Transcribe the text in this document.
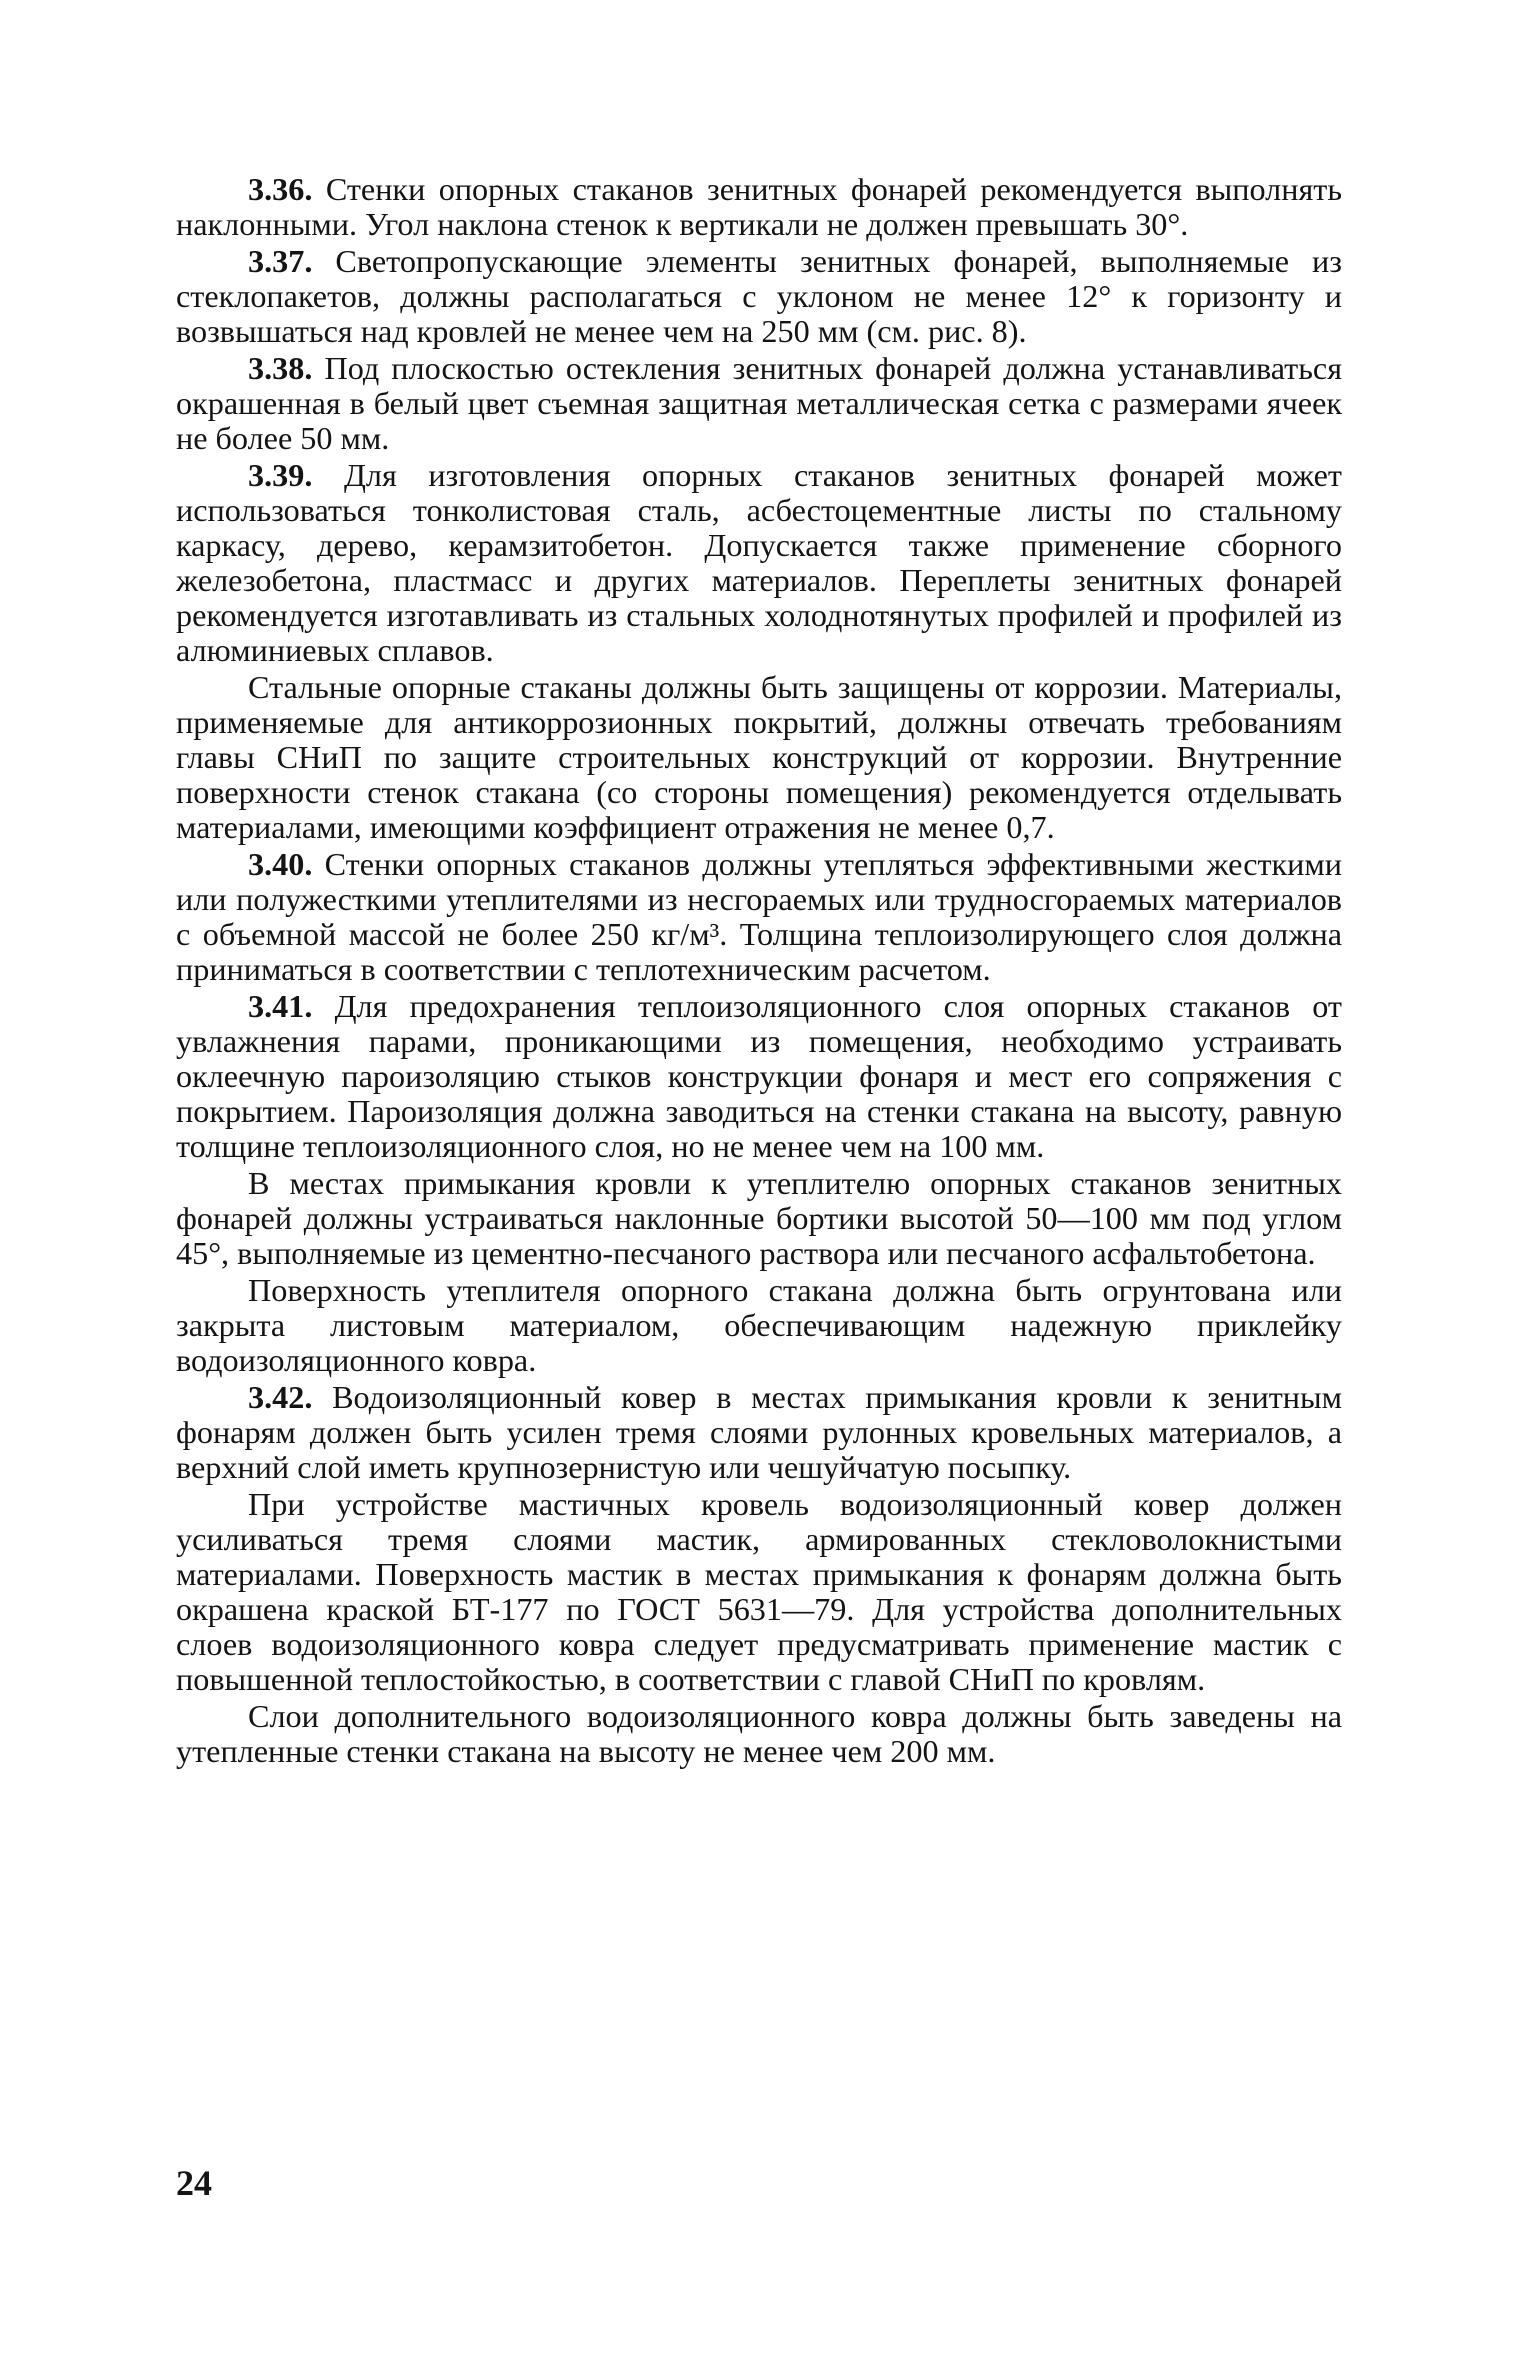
3.36. Стенки опорных стаканов зенитных фонарей рекомендуется выполнять наклонными. Угол наклона стенок к вертикали не должен превышать 30°.

3.37. Светопропускающие элементы зенитных фонарей, выполняемые из стеклопакетов, должны располагаться с уклоном не менее 12° к горизонту и возвышаться над кровлей не менее чем на 250 мм (см. рис. 8).

3.38. Под плоскостью остекления зенитных фонарей должна устанавливаться окрашенная в белый цвет съемная защитная металлическая сетка с размерами ячеек не более 50 мм.

3.39. Для изготовления опорных стаканов зенитных фонарей может использоваться тонколистовая сталь, асбестоцементные листы по стальному каркасу, дерево, керамзитобетон. Допускается также применение сборного железобетона, пластмасс и других материалов. Переплеты зенитных фонарей рекомендуется изготавливать из стальных холоднотянутых профилей и профилей из алюминиевых сплавов.

Стальные опорные стаканы должны быть защищены от коррозии. Материалы, применяемые для антикоррозионных покрытий, должны отвечать требованиям главы СНиП по защите строительных конструкций от коррозии. Внутренние поверхности стенок стакана (со стороны помещения) рекомендуется отделывать материалами, имеющими коэффициент отражения не менее 0,7.

3.40. Стенки опорных стаканов должны утепляться эффективными жесткими или полужесткими утеплителями из несгораемых или трудносгораемых материалов с объемной массой не более 250 кг/м³. Толщина теплоизолирующего слоя должна приниматься в соответствии с теплотехническим расчетом.

3.41. Для предохранения теплоизоляционного слоя опорных стаканов от увлажнения парами, проникающими из помещения, необходимо устраивать оклеечную пароизоляцию стыков конструкции фонаря и мест его сопряжения с покрытием. Пароизоляция должна заводиться на стенки стакана на высоту, равную толщине теплоизоляционного слоя, но не менее чем на 100 мм.

В местах примыкания кровли к утеплителю опорных стаканов зенитных фонарей должны устраиваться наклонные бортики высотой 50—100 мм под углом 45°, выполняемые из цементно-песчаного раствора или песчаного асфальтобетона.

Поверхность утеплителя опорного стакана должна быть огрунтована или закрыта листовым материалом, обеспечивающим надежную приклейку водоизоляционного ковра.

3.42. Водоизоляционный ковер в местах примыкания кровли к зенитным фонарям должен быть усилен тремя слоями рулонных кровельных материалов, а верхний слой иметь крупнозернистую или чешуйчатую посыпку.

При устройстве мастичных кровель водоизоляционный ковер должен усиливаться тремя слоями мастик, армированных стекловолокнистыми материалами. Поверхность мастик в местах примыкания к фонарям должна быть окрашена краской БТ-177 по ГОСТ 5631—79. Для устройства дополнительных слоев водоизоляционного ковра следует предусматривать применение мастик с повышенной теплостойкостью, в соответствии с главой СНиП по кровлям.

Слои дополнительного водоизоляционного ковра должны быть заведены на утепленные стенки стакана на высоту не менее чем 200 мм.

24
